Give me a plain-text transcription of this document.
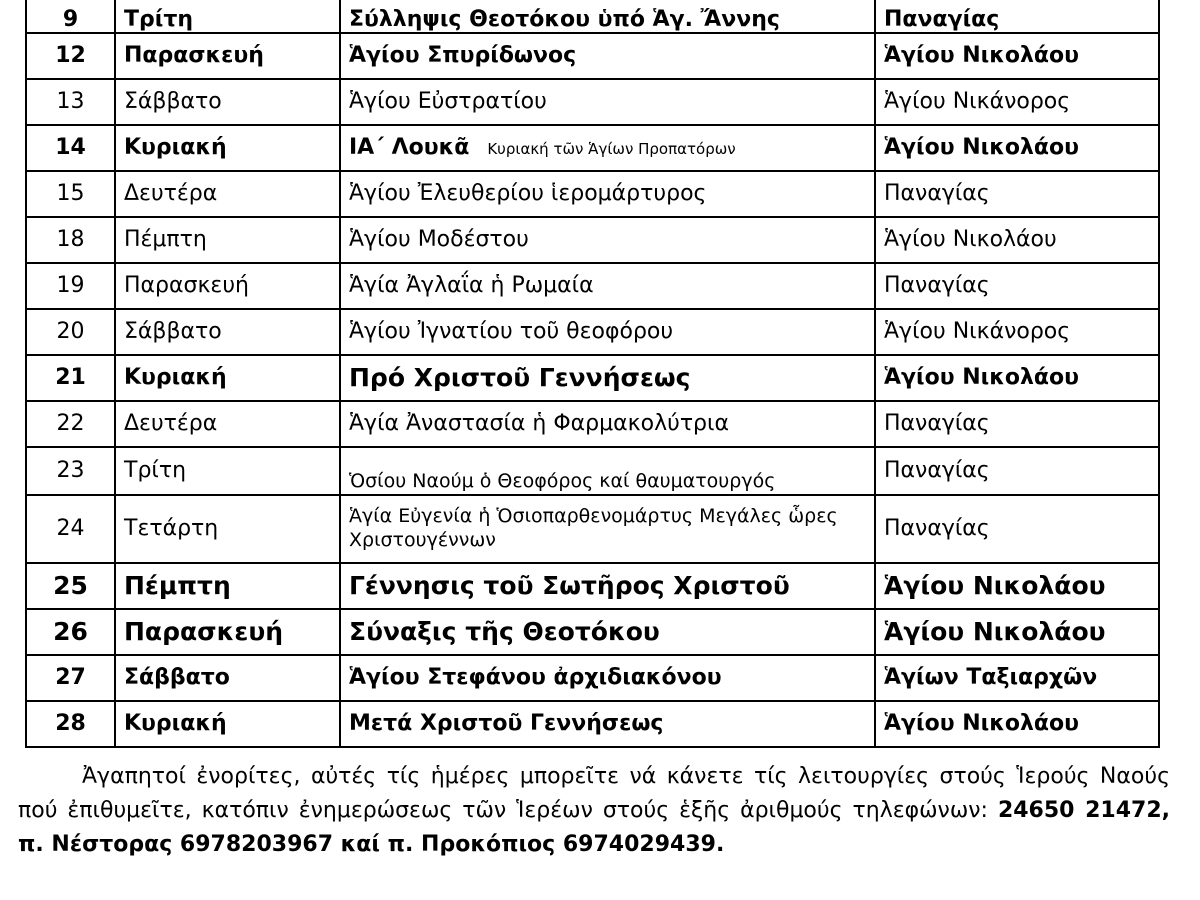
9	Τρίτη	Σύλληψις Θεοτόκου ὑπό Ἁγ. Ἄννης	Παναγίας
12	Παρασκευή	Ἁγίου Σπυρίδωνος	Ἁγίου Νικολάου
13	Σάββατο	Ἁγίου Εὐστρατίου	Ἁγίου Νικάνορος
14	Κυριακή	ΙΑ΄ Λουκᾶ Κυριακή τῶν Ἁγίων Προπατόρων	Ἁγίου Νικολάου
15	Δευτέρα	Ἁγίου Ἐλευθερίου ἱερομάρτυρος	Παναγίας
18	Πέμπτη	Ἁγίου Μοδέστου	Ἁγίου Νικολάου
19	Παρασκευή	Ἁγία Ἀγλαΐα ἡ Ρωμαία	Παναγίας
20	Σάββατο	Ἁγίου Ἰγνατίου τοῦ θεοφόρου	Ἁγίου Νικάνορος
21	Κυριακή	Πρό Χριστοῦ Γεννήσεως	Ἁγίου Νικολάου
22	Δευτέρα	Ἁγία Ἀναστασία ἡ Φαρμακολύτρια	Παναγίας
23	Τρίτη	Ὁσίου Ναούμ ὁ Θεοφόρος καί θαυματουργός	Παναγίας
24	Τετάρτη	Ἁγία Εὐγενία ἡ Ὁσιοπαρθενομάρτυς Μεγάλες ὧρες Χριστουγέννων	Παναγίας
25	Πέμπτη	Γέννησις τοῦ Σωτῆρος Χριστοῦ	Ἁγίου Νικολάου
26	Παρασκευή	Σύναξις τῆς Θεοτόκου	Ἁγίου Νικολάου
27	Σάββατο	Ἁγίου Στεφάνου ἀρχιδιακόνου	Ἁγίων Ταξιαρχῶν
28	Κυριακή	Μετά Χριστοῦ Γεννήσεως	Ἁγίου Νικολάου

Ἀγαπητοί ἐνορίτες, αὐτές τίς ἡμέρες μπορεῖτε νά κάνετε τίς λειτουργίες στούς Ἱερούς Ναούς πού ἐπιθυμεῖτε, κατόπιν ἐνημερώσεως τῶν Ἱερέων στούς ἑξῆς ἀριθμούς τηλεφώνων: 24650 21472, π. Νέστορας 6978203967 καί π. Προκόπιος 6974029439.
